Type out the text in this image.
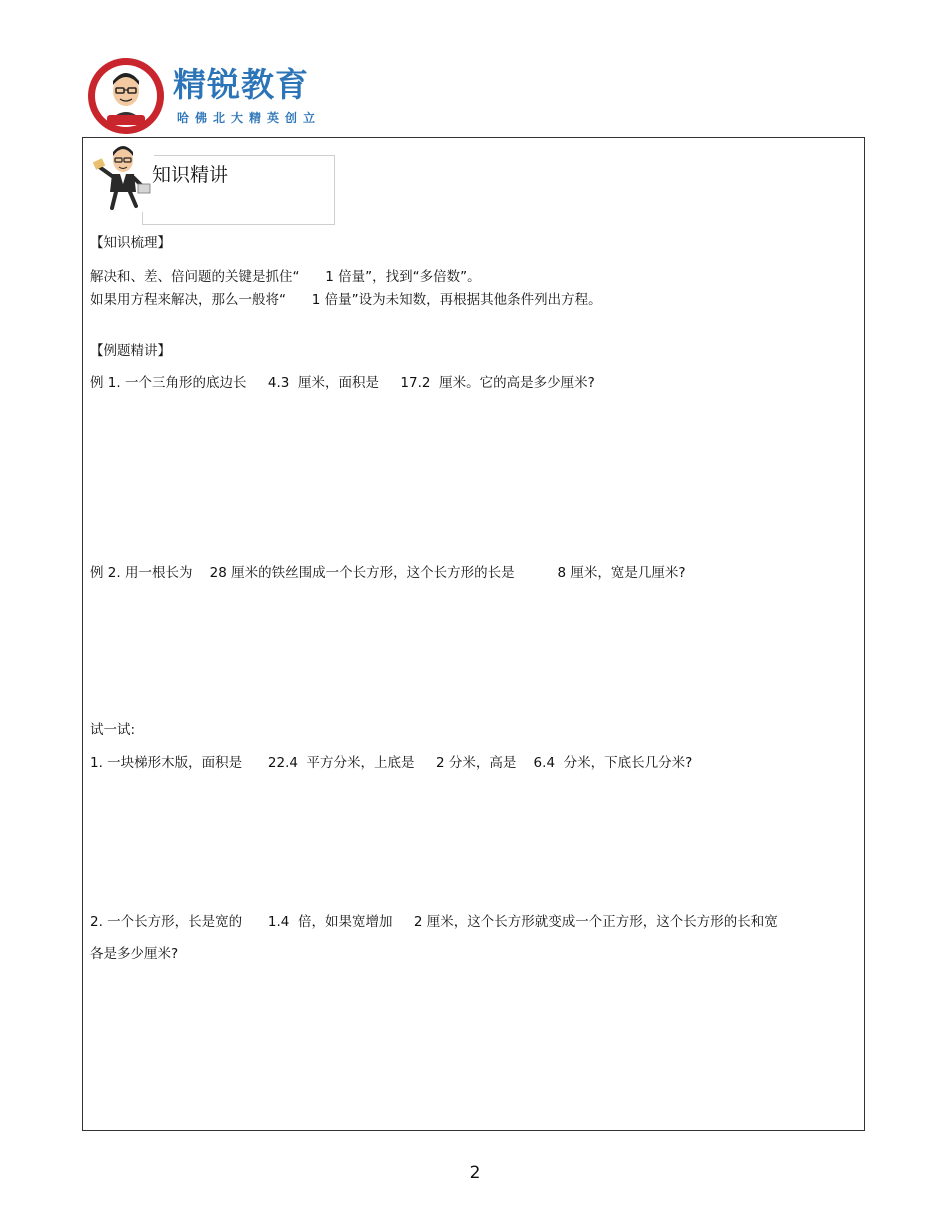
精锐教育
哈佛北大精英创立
知识精讲
【知识梳理】
解决和、差、倍问题的关键是抓住“      1 倍量”，找到“多倍数”。
如果用方程来解决，那么一般将“      1 倍量”设为未知数，再根据其他条件列出方程。
【例题精讲】
例 1. 一个三角形的底边长     4.3  厘米，面积是     17.2  厘米。它的高是多少厘米?
例 2. 用一根长为    28 厘米的铁丝围成一个长方形，这个长方形的长是          8 厘米，宽是几厘米?
试一试:
1. 一块梯形木版，面积是      22.4  平方分米，上底是     2 分米，高是    6.4  分米，下底长几分米?
2. 一个长方形，长是宽的      1.4  倍，如果宽增加     2 厘米，这个长方形就变成一个正方形，这个长方形的长和宽
各是多少厘米?
2
